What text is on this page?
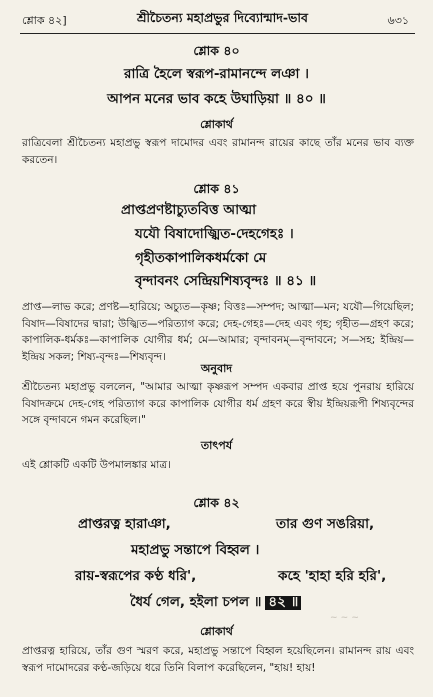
শ্লোক ৪২]	শ্রীচৈতন্য মহাপ্রভুর দিব্যোন্মাদ-ভাব	৬৩১
শ্লোক ৪০
রাত্রি হৈলে স্বরূপ-রামানন্দে লঞা ।
আপন মনের ভাব কহে উঘাড়িয়া ॥ ৪০ ॥
শ্লোকার্থ
রাত্রিবেলা শ্রীচৈতন্য মহাপ্রভু স্বরূপ দামোদর এবং রামানন্দ রায়ের কাছে তাঁর মনের ভাব ব্যক্ত করতেন।
শ্লোক ৪১
প্রাপ্তপ্রণষ্টাচ্যুতবিত্ত আত্মা
যযৌ বিষাদোজ্ঝিত-দেহগেহঃ ।
গৃহীতকাপালিকধর্মকো মে
বৃন্দাবনং সেন্দ্রিয়শিষ্যবৃন্দঃ ॥ ৪১ ॥
প্রাপ্ত—লাভ করে; প্রণষ্ট—হারিয়ে; অচ্যুত—কৃষ্ণ; বিত্তঃ—সম্পদ; আত্মা—মন; যযৌ—গিয়েছিল; বিষাদ—বিষাদের দ্বারা; উজ্ঝিত—পরিত্যাগ করে; দেহ-গেহঃ—দেহ এবং গৃহ; গৃহীত—গ্রহণ করে; কাপালিক-ধর্মকঃ—কাপালিক যোগীর ধর্ম; মে—আমার; বৃন্দাবনম্—বৃন্দাবনে; স—সহ; ইন্দ্রিয়—ইন্দ্রিয় সকল; শিষ্য-বৃন্দঃ—শিষ্যবৃন্দ।
অনুবাদ
শ্রীচৈতন্য মহাপ্রভু বললেন, "আমার আত্মা কৃষ্ণরূপ সম্পদ একবার প্রাপ্ত হয়ে পুনরায় হারিয়ে বিষাদক্রমে দেহ-গেহ পরিত্যাগ করে কাপালিক যোগীর ধর্ম গ্রহণ করে স্বীয় ইন্দ্রিয়রূপী শিষ্যবৃন্দের সঙ্গে বৃন্দাবনে গমন করেছিল।"
তাৎপর্য
এই শ্লোকটি একটি উপমালঙ্কার মাত্র।
শ্লোক ৪২
প্রাপ্তরত্ন হারাঞা,	তার গুণ সঙরিয়া,
মহাপ্রভু সন্তাপে বিহ্বল ।
রায়-স্বরূপের কণ্ঠ ধরি',	কহে 'হাহা হরি হরি',
ধৈর্য গেল, হইলা চপল ॥ ৪২ ॥
~ ~ ~
শ্লোকার্থ
প্রাপ্তরত্ন হারিয়ে, তাঁর গুণ স্মরণ করে, মহাপ্রভু সন্তাপে বিহ্বল হয়েছিলেন। রামানন্দ রায় এবং স্বরূপ দামোদরের কণ্ঠ-জড়িয়ে ধরে তিনি বিলাপ করেছিলেন, "হায়! হায়!
